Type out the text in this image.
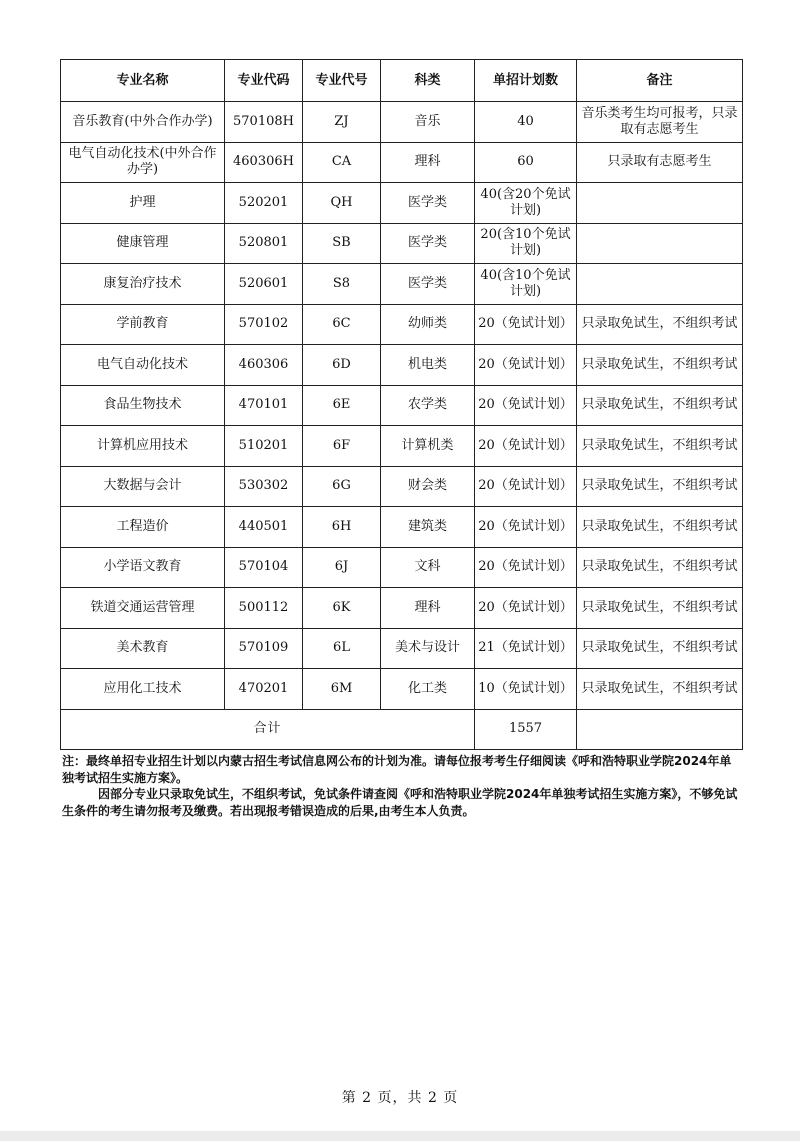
专业名称	专业代码	专业代号	科类	单招计划数	备注
音乐教育(中外合作办学)	570108H	ZJ	音乐	40	音乐类考生均可报考，只录取有志愿考生
电气自动化技术(中外合作办学)	460306H	CA	理科	60	只录取有志愿考生
护理	520201	QH	医学类	40(含20个免试计划)	
健康管理	520801	SB	医学类	20(含10个免试计划)	
康复治疗技术	520601	S8	医学类	40(含10个免试计划)	
学前教育	570102	6C	幼师类	20（免试计划）	只录取免试生，不组织考试
电气自动化技术	460306	6D	机电类	20（免试计划）	只录取免试生，不组织考试
食品生物技术	470101	6E	农学类	20（免试计划）	只录取免试生，不组织考试
计算机应用技术	510201	6F	计算机类	20（免试计划）	只录取免试生，不组织考试
大数据与会计	530302	6G	财会类	20（免试计划）	只录取免试生，不组织考试
工程造价	440501	6H	建筑类	20（免试计划）	只录取免试生，不组织考试
小学语文教育	570104	6J	文科	20（免试计划）	只录取免试生，不组织考试
铁道交通运营管理	500112	6K	理科	20（免试计划）	只录取免试生，不组织考试
美术教育	570109	6L	美术与设计	21（免试计划）	只录取免试生，不组织考试
应用化工技术	470201	6M	化工类	10（免试计划）	只录取免试生，不组织考试
合计				1557	

注：最终单招专业招生计划以内蒙古招生考试信息网公布的计划为准。请每位报考考生仔细阅读《呼和浩特职业学院2024年单独考试招生实施方案》。

因部分专业只录取免试生，不组织考试，免试条件请查阅《呼和浩特职业学院2024年单独考试招生实施方案》，不够免试生条件的考生请勿报考及缴费。若出现报考错误造成的后果,由考生本人负责。

第 2 页，共 2 页
